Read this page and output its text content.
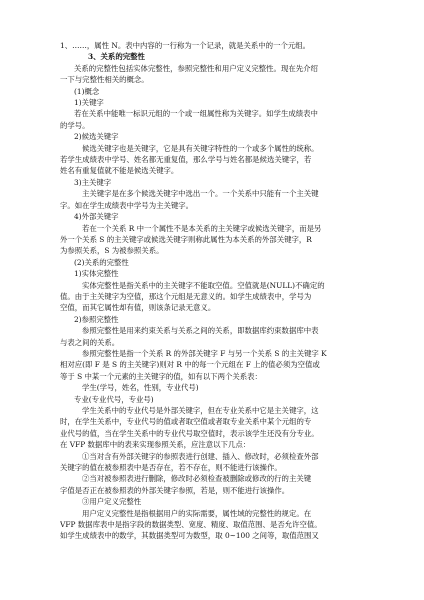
1、……，属性 N。表中内容的一行称为一个记录，就是关系中的一个元组。

3、关系的完整性

关系的完整性包括实体完整性，参照完整性和用户定义完整性。现在先介绍

一下与完整性相关的概念。

(1)概念

1)关键字

若在关系中能唯一标识元组的一个或一组属性称为关键字。如学生成绩表中

的学号。

2)候选关键字

候选关键字也是关键字，它是具有关键字特性的一个或多个属性的统称。

若学生成绩表中学号、姓名都无重复值，那么学号与姓名都是候选关键字，若

姓名有重复值就不能是候选关键字。

3)主关键字

主关键字是在多个候选关键字中选出一个。一个关系中只能有一个主关键

字。如在学生成绩表中学号为主关键字。

4)外部关键字

若在一个关系 R 中一个属性不是本关系的主关键字或候选关键字，而是另

外一个关系 S 的主关键字或候选关键字则称此属性为本关系的外部关键字，R

为参照关系，S 为被参照关系。

(2)关系的完整性

1)实体完整性

实体完整性是指关系中的主关键字不能取空值。空值就是(NULL)不确定的

值。由于主关键字为空值，那这个元组是无意义的。如学生成绩表中，学号为

空值，而其它属性却有值，则该条记录无意义。

2)参照完整性

参照完整性是用来约束关系与关系之间的关系，即数据库约束数据库中表

与表之间的关系。

参照完整性是指一个关系 R 的外部关键字 F 与另一个关系 S 的主关键字 K

相对应(即 F 是 S 的主关键字)则对 R 中的每一个元组在 F 上的值必须为空值或

等于 S 中某一个元素的主关键字的值，如有以下两个关系表：

学生(学号，姓名，性别，专业代号)

专业(专业代号，专业号)

学生关系中的专业代号是外部关键字，但在专业关系中它是主关键字，这

时，在学生关系中，专业代号的值或者取空值或者取专业关系中某个元组的专

业代号的值，当在学生关系中的专业代号取空值时，表示该学生还没有分专业。

在 VFP 数据库中的表来实现参照关系，应注意以下几点：

①当对含有外部关键字的参照表进行创建、插入、修改时，必须检查外部

关键字的值在被参照表中是否存在，若不存在，则不能进行该操作。

②当对被参照表进行删除，修改时必须检查被删除或修改的行的主关键

字值是否正在被参照表的外部关键字参照，若是，则不能进行该操作。

③用户定义完整性

用户定义完整性是指根据用户的实际需要，属性域的完整性的规定。在

VFP 数据库表中是指字段的数据类型、宽度、精度、取值范围、是否允许空值。

如学生成绩表中的数学，其数据类型可为数型，取 0~100 之间等，取值范围又
